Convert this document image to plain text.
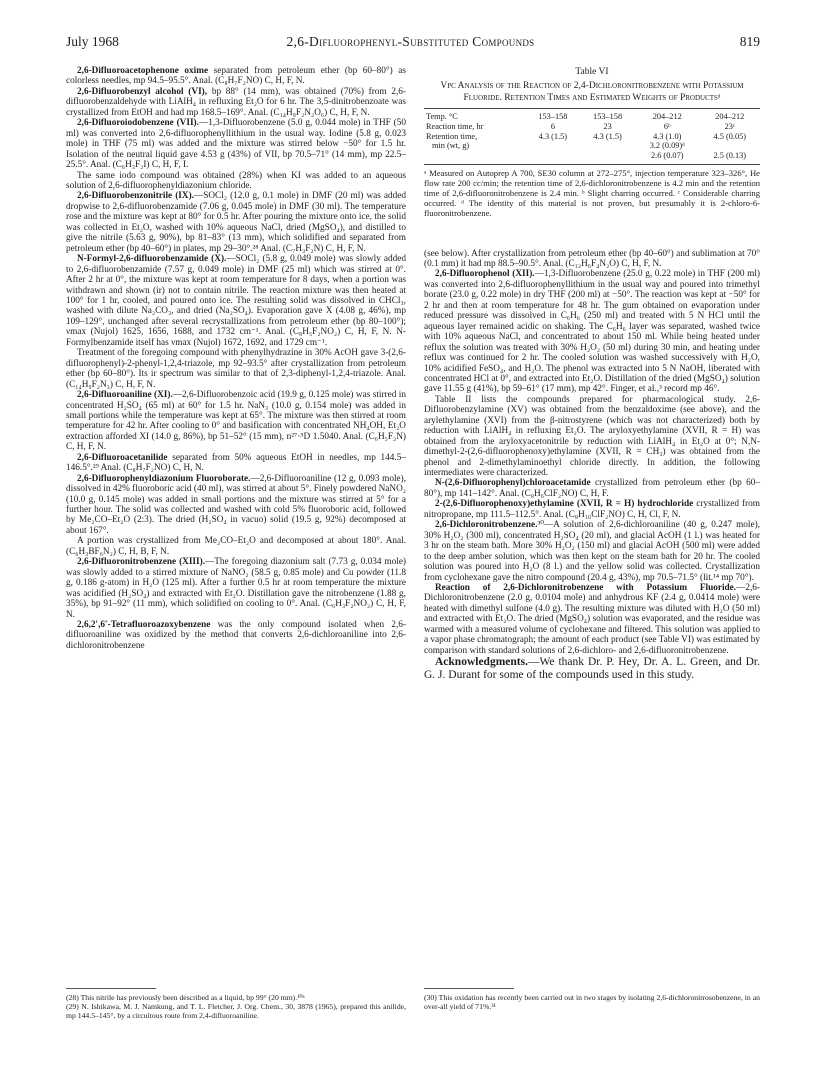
July 1968	2,6-Difluorophenyl-Substituted Compounds	819

2,6-Difluoroacetophenone oxime separated from petroleum ether (bp 60–80°) as colorless needles, mp 94.5–95.5°. Anal. (C₈H₇F₂NO) C, H, F, N.

2,6-Difluorobenzyl alcohol (VI), bp 88° (14 mm), was obtained (70%) from 2,6-difluorobenzaldehyde with LiAlH₄ in refluxing Et₂O for 6 hr. The 3,5-dinitrobenzoate was crystallized from EtOH and had mp 168.5–169°. Anal. (C₁₄H₈F₂N₂O₆) C, H, F, N.

2,6-Difluoroiodobenzene (VII).—1,3-Difluorobenzene (5.0 g, 0.044 mole) in THF (50 ml) was converted into 2,6-difluorophenyllithium in the usual way. Iodine (5.8 g, 0.023 mole) in THF (75 ml) was added and the mixture was stirred below −50° for 1.5 hr. Isolation of the neutral liquid gave 4.53 g (43%) of VII, bp 70.5–71° (14 mm), mp 22.5–25.5°. Anal. (C₆H₃F₂I) C, H, F, I.

The same iodo compound was obtained (28%) when KI was added to an aqueous solution of 2,6-difluorophenyldiazonium chloride.

2,6-Difluorobenzonitrile (IX).—SOCl₂ (12.0 g, 0.1 mole) in DMF (20 ml) was added dropwise to 2,6-difluorobenzamide (7.06 g, 0.045 mole) in DMF (30 ml). The temperature rose and the mixture was kept at 80° for 0.5 hr. After pouring the mixture onto ice, the solid was collected in Et₂O, washed with 10% aqueous NaCl, dried (MgSO₄), and distilled to give the nitrile (5.63 g, 90%), bp 81–83° (13 mm), which solidified and separated from petroleum ether (bp 40–60°) in plates, mp 29–30°.²⁸ Anal. (C₇H₃F₂N) C, H, F, N.

N-Formyl-2,6-difluorobenzamide (X).—SOCl₂ (5.8 g, 0.049 mole) was slowly added to 2,6-difluorobenzamide (7.57 g, 0.049 mole) in DMF (25 ml) which was stirred at 0°. After 2 hr at 0°, the mixture was kept at room temperature for 8 days, when a portion was withdrawn and shown (ir) not to contain nitrile. The reaction mixture was then heated at 100° for 1 hr, cooled, and poured onto ice. The resulting solid was dissolved in CHCl₃, washed with dilute Na₂CO₃, and dried (Na₂SO₄). Evaporation gave X (4.08 g, 46%), mp 109–129°, unchanged after several recrystallizations from petroleum ether (bp 80–100°); νmax (Nujol) 1625, 1656, 1688, and 1732 cm⁻¹. Anal. (C₈H₅F₂NO₂) C, H, F, N. N-Formylbenzamide itself has νmax (Nujol) 1672, 1692, and 1729 cm⁻¹.

Treatment of the foregoing compound with phenylhydrazine in 30% AcOH gave 3-(2,6-difluorophenyl)-2-phenyl-1,2,4-triazole, mp 92–93.5° after crystallization from petroleum ether (bp 60–80°). Its ir spectrum was similar to that of 2,3-diphenyl-1,2,4-triazole. Anal. (C₁₄H₉F₂N₃) C, H, F, N.

2,6-Difluoroaniline (XI).—2,6-Difluorobenzoic acid (19.9 g, 0.125 mole) was stirred in concentrated H₂SO₄ (65 ml) at 60° for 1.5 hr. NaN₃ (10.0 g, 0.154 mole) was added in small portions while the temperature was kept at 65°. The mixture was then stirred at room temperature for 42 hr. After cooling to 0° and basification with concentrated NH₄OH, Et₂O extraction afforded XI (14.0 g, 86%), bp 51–52° (15 mm), n²⁷·⁵D 1.5040. Anal. (C₆H₅F₂N) C, H, F, N.

2,6-Difluoroacetanilide separated from 50% aqueous EtOH in needles, mp 144.5–146.5°.²⁹ Anal. (C₈H₇F₂NO) C, H, N.

2,6-Difluorophenyldiazonium Fluoroborate.—2,6-Difluoroaniline (12 g, 0.093 mole), dissolved in 42% fluoroboric acid (40 ml), was stirred at about 5°. Finely powdered NaNO₂ (10.0 g, 0.145 mole) was added in small portions and the mixture was stirred at 5° for a further hour. The solid was collected and washed with cold 5% fluoroboric acid, followed by Me₂CO–Et₂O (2:3). The dried (H₂SO₄ in vacuo) solid (19.5 g, 92%) decomposed at about 167°.

A portion was crystallized from Me₂CO–Et₂O and decomposed at about 180°. Anal. (C₆H₃BF₆N₂) C, H, B, F, N.

2,6-Difluoronitrobenzene (XIII).—The foregoing diazonium salt (7.73 g, 0.034 mole) was slowly added to a stirred mixture of NaNO₂ (58.5 g, 0.85 mole) and Cu powder (11.8 g, 0.186 g-atom) in H₂O (125 ml). After a further 0.5 hr at room temperature the mixture was acidified (H₂SO₄) and extracted with Et₂O. Distillation gave the nitrobenzene (1.88 g, 35%), bp 91–92° (11 mm), which solidified on cooling to 0°. Anal. (C₆H₃F₂NO₂) C, H, F, N.

2,6,2′,6′-Tetrafluoroazoxybenzene was the only compound isolated when 2,6-difluoroaniline was oxidized by the method that converts 2,6-dichloroaniline into 2,6-dichloronitrobenzene

Table VI
Vpc Analysis of the Reaction of 2,4-Dichloronitrobenzene with Potassium Fluoride. Retention Times and Estimated Weights of Productsᵃ
Temp. °C	153–158	153–158	204–212	204–212
Reaction time, hr	6	23	6ᵇ	23ᶜ
Retention time,	4.3 (1.5)	4.3 (1.5)	4.3 (1.0)	4.5 (0.05)
min (wt, g)			3.2 (0.09)ᵈ	
			2.6 (0.07)	2.5 (0.13)
ᵃ Measured on Autoprep A 700, SE30 column at 272–275°, injection temperature 323–326°, He flow rate 200 cc/min; the retention time of 2,6-dichloronitrobenzene is 4.2 min and the retention time of 2,6-difluoronitrobenzene is 2.4 min. ᵇ Slight charring occurred. ᶜ Considerable charring occurred. ᵈ The identity of this material is not proven, but presumably it is 2-chloro-6-fluoronitrobenzene.

(see below). After crystallization from petroleum ether (bp 40–60°) and sublimation at 70° (0.1 mm) it had mp 88.5–90.5°. Anal. (C₁₂H₆F₄N₂O) C, H, F, N.

2,6-Difluorophenol (XII).—1,3-Difluorobenzene (25.0 g, 0.22 mole) in THF (200 ml) was converted into 2,6-difluorophenyllithium in the usual way and poured into trimethyl borate (23.0 g, 0.22 mole) in dry THF (200 ml) at −50°. The reaction was kept at −50° for 2 hr and then at room temperature for 48 hr. The gum obtained on evaporation under reduced pressure was dissolved in C₆H₆ (250 ml) and treated with 5 N HCl until the aqueous layer remained acidic on shaking. The C₆H₆ layer was separated, washed twice with 10% aqueous NaCl, and concentrated to about 150 ml. While being heated under reflux the solution was treated with 30% H₂O₂ (50 ml) during 30 min, and heating under reflux was continued for 2 hr. The cooled solution was washed successively with H₂O, 10% acidified FeSO₄, and H₂O. The phenol was extracted into 5 N NaOH, liberated with concentrated HCl at 0°, and extracted into Et₂O. Distillation of the dried (MgSO₄) solution gave 11.55 g (41%), bp 59–61° (17 mm), mp 42°. Finger, et al.,³ record mp 46°.

Table II lists the compounds prepared for pharmacological study. 2,6-Difluorobenzylamine (XV) was obtained from the benzaldoxime (see above), and the arylethylamine (XVI) from the β-nitrostyrene (which was not characterized) both by reduction with LiAlH₄ in refluxing Et₂O. The aryloxyethylamine (XVII, R = H) was obtained from the aryloxyacetonitrile by reduction with LiAlH₄ in Et₂O at 0°; N,N-dimethyl-2-(2,6-difluorophenoxy)ethylamine (XVII, R = CH₃) was obtained from the phenol and 2-dimethylaminoethyl chloride directly. In addition, the following intermediates were characterized.

N-(2,6-Difluorophenyl)chloroacetamide crystallized from petroleum ether (bp 60–80°), mp 141–142°. Anal. (C₈H₆ClF₂NO) C, H, F.

2-(2,6-Difluorophenoxy)ethylamine (XVII, R = H) hydrochloride crystallized from nitropropane, mp 111.5–112.5°. Anal. (C₈H₁₀ClF₂NO) C, H, Cl, F, N.

2,6-Dichloronitrobenzene.³⁰—A solution of 2,6-dichloroaniline (40 g, 0.247 mole), 30% H₂O₂ (300 ml), concentrated H₂SO₄ (20 ml), and glacial AcOH (1 l.) was heated for 3 hr on the steam bath. More 30% H₂O₂ (150 ml) and glacial AcOH (500 ml) were added to the deep amber solution, which was then kept on the steam bath for 20 hr. The cooled solution was poured into H₂O (8 l.) and the yellow solid was collected. Crystallization from cyclohexane gave the nitro compound (20.4 g, 43%), mp 70.5–71.5° (lit.¹⁴ mp 70°).

Reaction of 2,6-Dichloronitrobenzene with Potassium Fluoride.—2,6-Dichloronitrobenzene (2.0 g, 0.0104 mole) and anhydrous KF (2.4 g, 0.0414 mole) were heated with dimethyl sulfone (4.0 g). The resulting mixture was diluted with H₂O (50 ml) and extracted with Et₂O. The dried (MgSO₄) solution was evaporated, and the residue was warmed with a measured volume of cyclohexane and filtered. This solution was applied to a vapor phase chromatograph; the amount of each product (see Table VI) was estimated by comparison with standard solutions of 2,6-dichloro- and 2,6-difluoronitrobenzene.

Acknowledgments.—We thank Dr. P. Hey, Dr. A. L. Green, and Dr. G. J. Durant for some of the compounds used in this study.

(28) This nitrile has previously been described as a liquid, bp 99° (20 mm).¹⁰ᵃ
(29) N. Ishikawa, M. J. Namkung, and T. L. Fletcher, J. Org. Chem., 30, 3878 (1965), prepared this anilide, mp 144.5–145°, by a circuitous route from 2,4-difluoroaniline.
(30) This oxidation has recently been carried out in two stages by isolating 2,6-dichloronitrosobenzene, in an over-all yield of 71%.³¹
